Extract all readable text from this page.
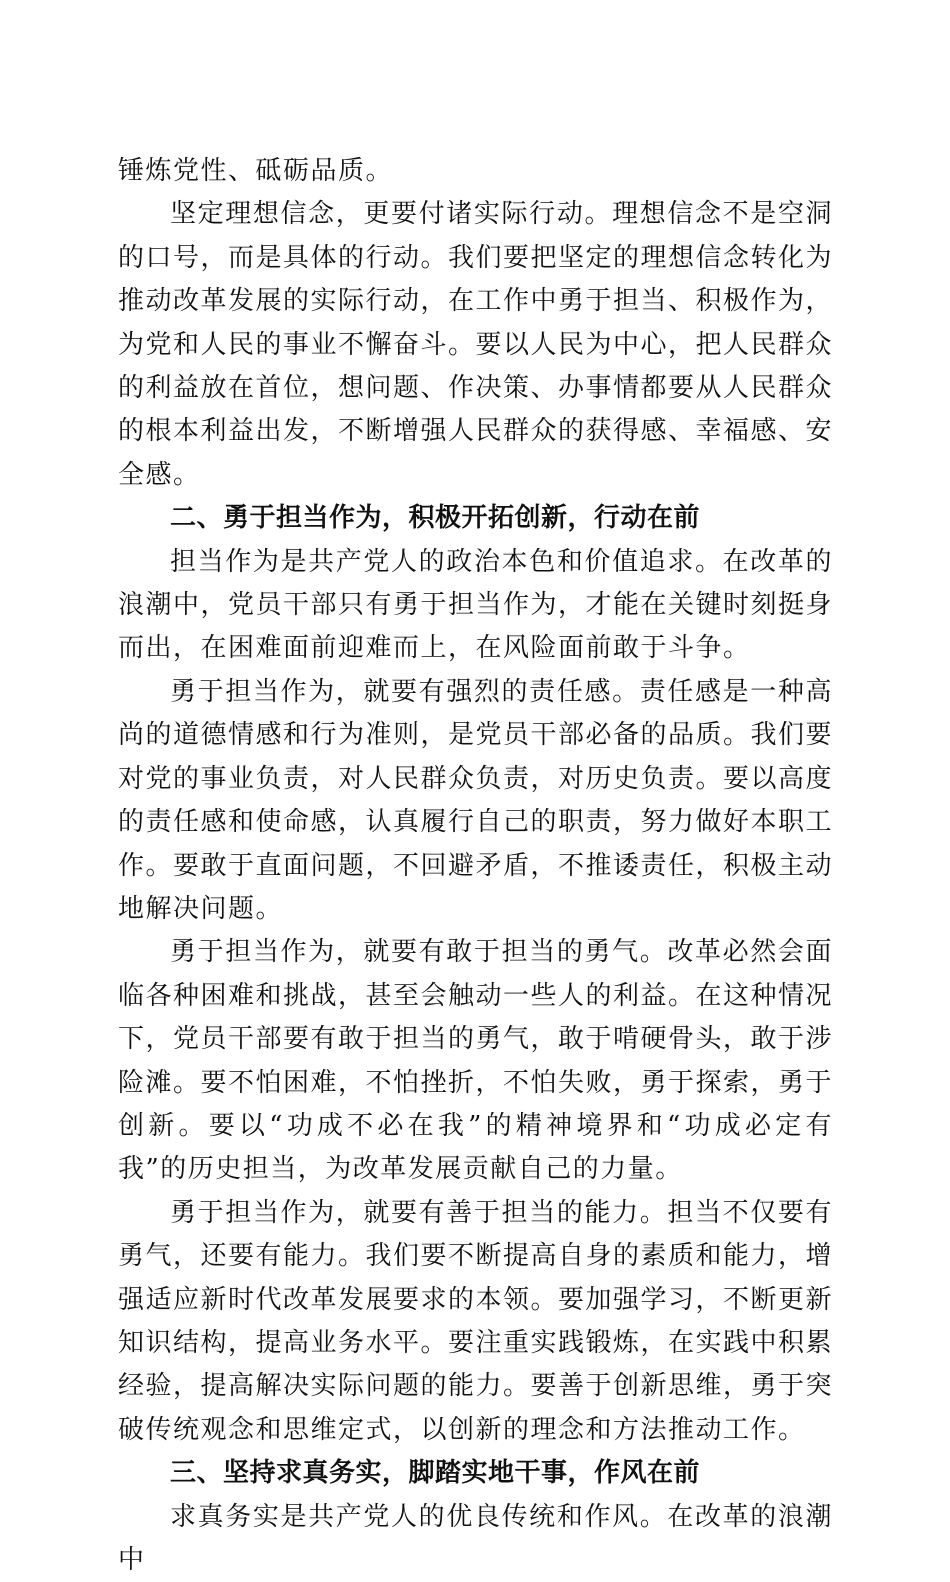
锤炼党性、砥砺品质。

坚定理想信念，更要付诸实际行动。理想信念不是空洞的口号，而是具体的行动。我们要把坚定的理想信念转化为推动改革发展的实际行动，在工作中勇于担当、积极作为，为党和人民的事业不懈奋斗。要以人民为中心，把人民群众的利益放在首位，想问题、作决策、办事情都要从人民群众的根本利益出发，不断增强人民群众的获得感、幸福感、安全感。

二、勇于担当作为，积极开拓创新，行动在前

担当作为是共产党人的政治本色和价值追求。在改革的浪潮中，党员干部只有勇于担当作为，才能在关键时刻挺身而出，在困难面前迎难而上，在风险面前敢于斗争。

勇于担当作为，就要有强烈的责任感。责任感是一种高尚的道德情感和行为准则，是党员干部必备的品质。我们要对党的事业负责，对人民群众负责，对历史负责。要以高度的责任感和使命感，认真履行自己的职责，努力做好本职工作。要敢于直面问题，不回避矛盾，不推诿责任，积极主动地解决问题。

勇于担当作为，就要有敢于担当的勇气。改革必然会面临各种困难和挑战，甚至会触动一些人的利益。在这种情况下，党员干部要有敢于担当的勇气，敢于啃硬骨头，敢于涉险滩。要不怕困难，不怕挫折，不怕失败，勇于探索，勇于创新。要以“功成不必在我”的精神境界和“功成必定有我”的历史担当，为改革发展贡献自己的力量。

勇于担当作为，就要有善于担当的能力。担当不仅要有勇气，还要有能力。我们要不断提高自身的素质和能力，增强适应新时代改革发展要求的本领。要加强学习，不断更新知识结构，提高业务水平。要注重实践锻炼，在实践中积累经验，提高解决实际问题的能力。要善于创新思维，勇于突破传统观念和思维定式，以创新的理念和方法推动工作。

三、坚持求真务实，脚踏实地干事，作风在前

求真务实是共产党人的优良传统和作风。在改革的浪潮中
